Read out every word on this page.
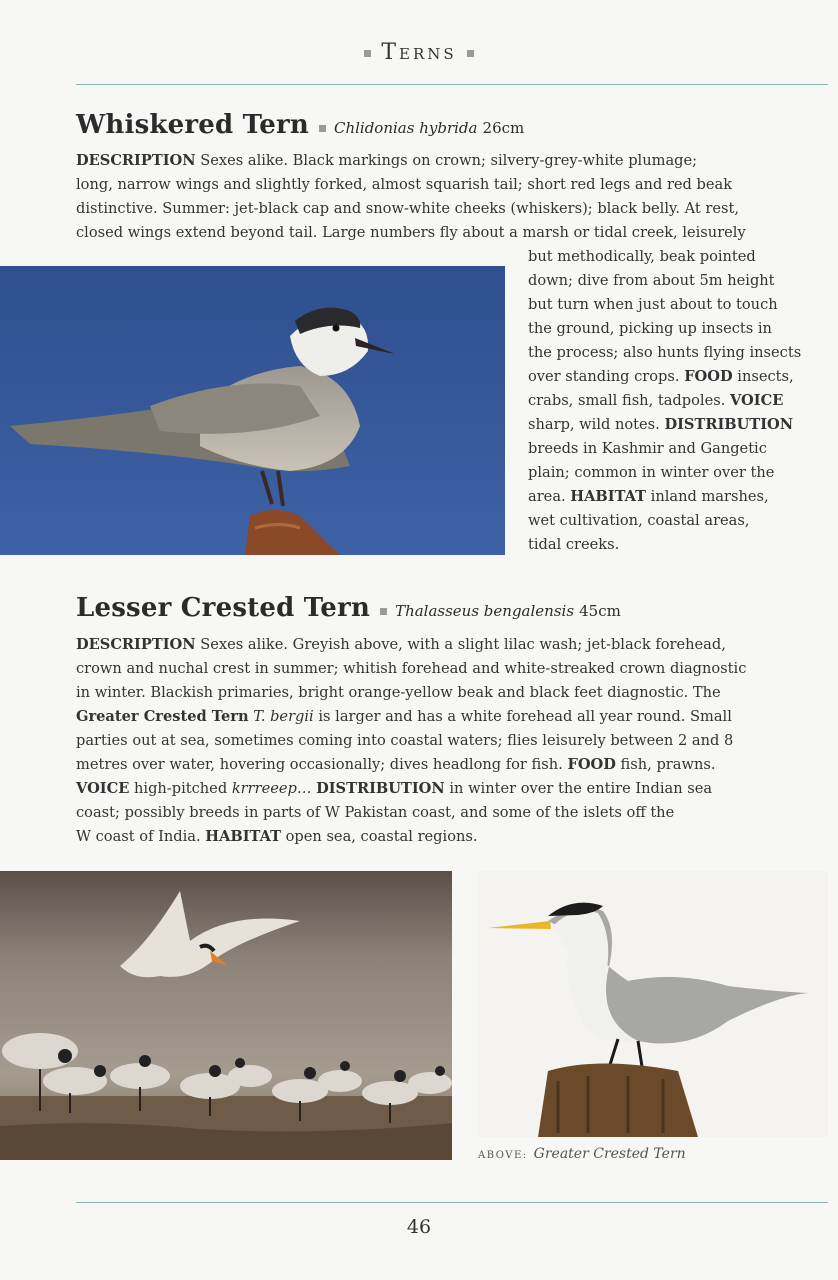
Terns
Whiskered Tern Chlidonias hybrida 26cm
DESCRIPTION Sexes alike. Black markings on crown; silvery-grey-white plumage;
long, narrow wings and slightly forked, almost squarish tail; short red legs and red beak
distinctive. Summer: jet-black cap and snow-white cheeks (whiskers); black belly. At rest,
closed wings extend beyond tail. Large numbers fly about a marsh or tidal creek, leisurely
but methodically, beak pointed
down; dive from about 5m height
but turn when just about to touch
the ground, picking up insects in
the process; also hunts flying insects
over standing crops. FOOD insects,
crabs, small fish, tadpoles. VOICE
sharp, wild notes. DISTRIBUTION
breeds in Kashmir and Gangetic
plain; common in winter over the
area. HABITAT inland marshes,
wet cultivation, coastal areas,
tidal creeks.
Lesser Crested Tern Thalasseus bengalensis 45cm
DESCRIPTION Sexes alike. Greyish above, with a slight lilac wash; jet-black forehead,
crown and nuchal crest in summer; whitish forehead and white-streaked crown diagnostic
in winter. Blackish primaries, bright orange-yellow beak and black feet diagnostic. The
Greater Crested Tern T. bergii is larger and has a white forehead all year round. Small
parties out at sea, sometimes coming into coastal waters; flies leisurely between 2 and 8
metres over water, hovering occasionally; dives headlong for fish. FOOD fish, prawns.
VOICE high-pitched krrreeep… DISTRIBUTION in winter over the entire Indian sea
coast; possibly breeds in parts of W Pakistan coast, and some of the islets off the
W coast of India. HABITAT open sea, coastal regions.
ABOVE: Greater Crested Tern
46
